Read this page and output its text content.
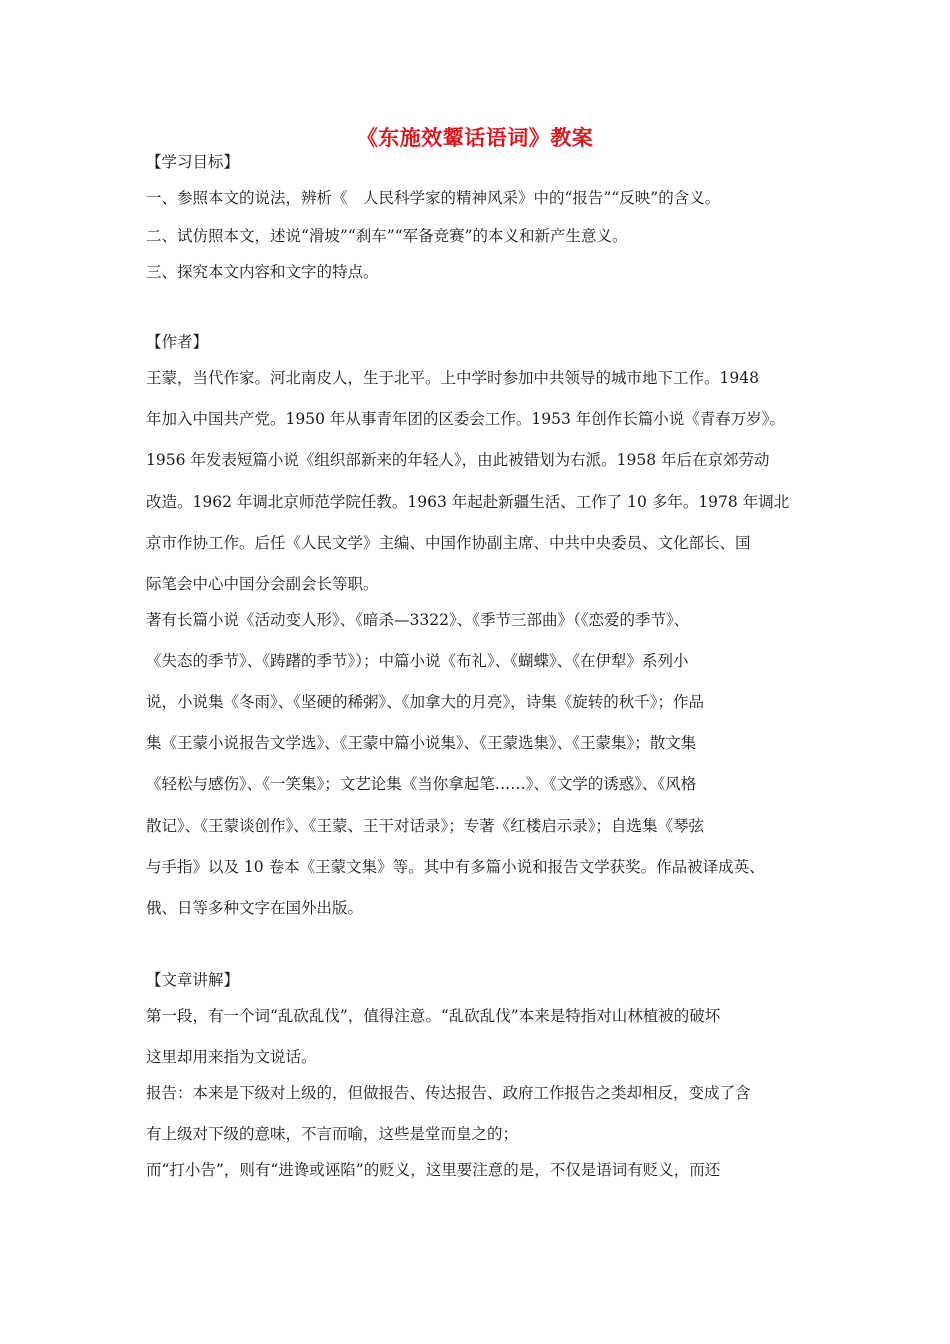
《东施效颦话语词》教案
【学习目标】
一、参照本文的说法，辨析《　人民科学家的精神风采》中的“报告”“反映”的含义。
二、试仿照本文，述说“滑坡”“刹车”“军备竞赛”的本义和新产生意义。
三、探究本文内容和文字的特点。
【作者】
王蒙，当代作家。河北南皮人，生于北平。上中学时参加中共领导的城市地下工作。1948
年加入中国共产党。1950 年从事青年团的区委会工作。1953 年创作长篇小说《青春万岁》。
1956 年发表短篇小说《组织部新来的年轻人》，由此被错划为右派。1958 年后在京郊劳动
改造。1962 年调北京师范学院任教。1963 年起赴新疆生活、工作了 10 多年。1978 年调北
京市作协工作。后任《人民文学》主编、中国作协副主席、中共中央委员、文化部长、国
际笔会中心中国分会副会长等职。
著有长篇小说《活动变人形》、《暗杀—3322》、《季节三部曲》（《恋爱的季节》、
《失态的季节》、《踌躇的季节》）；中篇小说《布礼》、《蝴蝶》、《在伊犁》系列小
说，小说集《冬雨》、《坚硬的稀粥》、《加拿大的月亮》，诗集《旋转的秋千》；作品
集《王蒙小说报告文学选》、《王蒙中篇小说集》、《王蒙选集》、《王蒙集》；散文集
《轻松与感伤》、《一笑集》；文艺论集《当你拿起笔……》、《文学的诱惑》、《风格
散记》、《王蒙谈创作》、《王蒙、王干对话录》；专著《红楼启示录》；自选集《琴弦
与手指》以及 10 卷本《王蒙文集》等。其中有多篇小说和报告文学获奖。作品被译成英、
俄、日等多种文字在国外出版。
【文章讲解】
第一段，有一个词“乱砍乱伐”，值得注意。“乱砍乱伐”本来是特指对山林植被的破坏
这里却用来指为文说话。
报告：本来是下级对上级的，但做报告、传达报告、政府工作报告之类却相反，变成了含
有上级对下级的意味，不言而喻，这些是堂而皇之的；
而“打小告”，则有“进谗或诬陷”的贬义，这里要注意的是，不仅是语词有贬义，而还
